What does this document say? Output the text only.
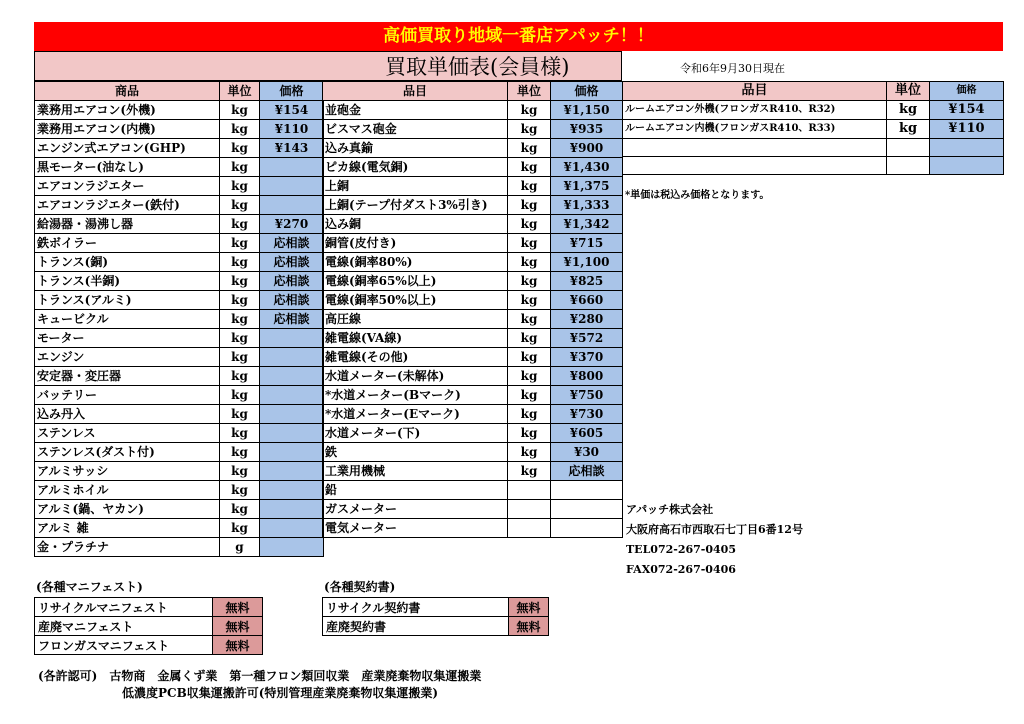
高価買取り地域一番店アパッチ！！
買取単価表(会員様)	令和6年9月30日現在
商品	単位	価格
業務用エアコン(外機)	kg	¥154
業務用エアコン(内機)	kg	¥110
エンジン式エアコン(GHP)	kg	¥143
黒モーター(油なし)	kg	
エアコンラジエター	kg	
エアコンラジエター(鉄付)	kg	
給湯器・湯沸し器	kg	¥270
鉄ボイラー	kg	応相談
トランス(銅)	kg	応相談
トランス(半銅)	kg	応相談
トランス(アルミ)	kg	応相談
キュービクル	kg	応相談
モーター	kg	
エンジン	kg	
安定器・変圧器	kg	
バッテリー	kg	
込み丹入	kg	
ステンレス	kg	
ステンレス(ダスト付)	kg	
アルミサッシ	kg	
アルミホイル	kg	
アルミ(鍋、ヤカン)	kg	
アルミ 雑	kg	
金・プラチナ	g	
品目	単位	価格
並砲金	kg	¥1,150
ビスマス砲金	kg	¥935
込み真鍮	kg	¥900
ピカ線(電気銅)	kg	¥1,430
上銅	kg	¥1,375
上銅(テープ付ダスト3%引き)	kg	¥1,333
込み銅	kg	¥1,342
銅管(皮付き)	kg	¥715
電線(銅率80%)	kg	¥1,100
電線(銅率65%以上)	kg	¥825
電線(銅率50%以上)	kg	¥660
高圧線	kg	¥280
雑電線(VA線)	kg	¥572
雑電線(その他)	kg	¥370
水道メーター(未解体)	kg	¥800
*水道メーター(Bマーク)	kg	¥750
*水道メーター(Eマーク)	kg	¥730
水道メーター(下)	kg	¥605
鉄	kg	¥30
工業用機械	kg	応相談
鉛		
ガスメーター		
電気メーター		
品目	単位	価格
ルームエアコン外機(フロンガスR410、R32)	kg	¥154
ルームエアコン内機(フロンガスR410、R33)	kg	¥110

*単価は税込み価格となります。
アパッチ株式会社
大阪府高石市西取石七丁目6番12号
TEL072-267-0405
FAX072-267-0406
(各種マニフェスト)
リサイクルマニフェスト	無料
産廃マニフェスト	無料
フロンガスマニフェスト	無料
(各種契約書)
リサイクル契約書	無料
産廃契約書	無料
(各許認可)　古物商　金属くず業　第一種フロン類回収業　産業廃棄物収集運搬業
低濃度PCB収集運搬許可(特別管理産業廃棄物収集運搬業)
